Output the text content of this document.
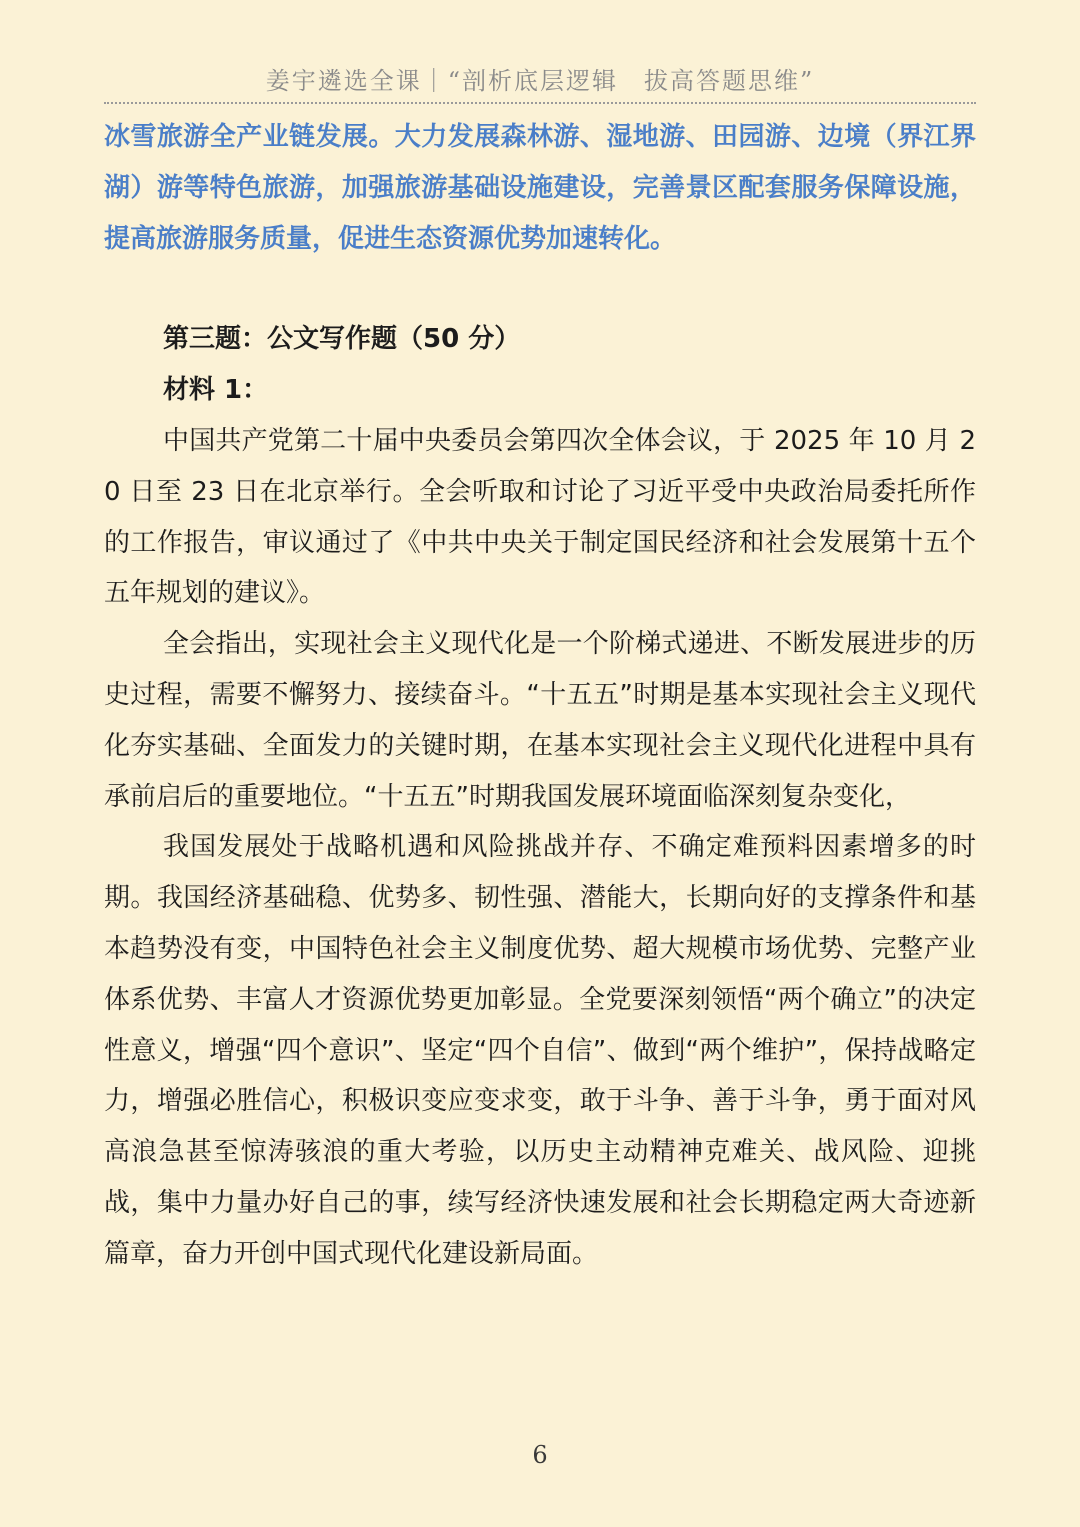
姜宇遴选全课｜“剖析底层逻辑　拔高答题思维”

冰雪旅游全产业链发展。大力发展森林游、湿地游、田园游、边境（界江界湖）游等特色旅游，加强旅游基础设施建设，完善景区配套服务保障设施，提高旅游服务质量，促进生态资源优势加速转化。

第三题：公文写作题（50 分）

材料 1：

中国共产党第二十届中央委员会第四次全体会议，于 2025 年 10 月 20 日至 23 日在北京举行。全会听取和讨论了习近平受中央政治局委托所作的工作报告，审议通过了《中共中央关于制定国民经济和社会发展第十五个五年规划的建议》。

全会指出，实现社会主义现代化是一个阶梯式递进、不断发展进步的历史过程，需要不懈努力、接续奋斗。“十五五”时期是基本实现社会主义现代化夯实基础、全面发力的关键时期，在基本实现社会主义现代化进程中具有承前启后的重要地位。“十五五”时期我国发展环境面临深刻复杂变化，

我国发展处于战略机遇和风险挑战并存、不确定难预料因素增多的时期。我国经济基础稳、优势多、韧性强、潜能大，长期向好的支撑条件和基本趋势没有变，中国特色社会主义制度优势、超大规模市场优势、完整产业体系优势、丰富人才资源优势更加彰显。全党要深刻领悟“两个确立”的决定性意义，增强“四个意识”、坚定“四个自信”、做到“两个维护”，保持战略定力，增强必胜信心，积极识变应变求变，敢于斗争、善于斗争，勇于面对风高浪急甚至惊涛骇浪的重大考验，以历史主动精神克难关、战风险、迎挑战，集中力量办好自己的事，续写经济快速发展和社会长期稳定两大奇迹新篇章，奋力开创中国式现代化建设新局面。

6
